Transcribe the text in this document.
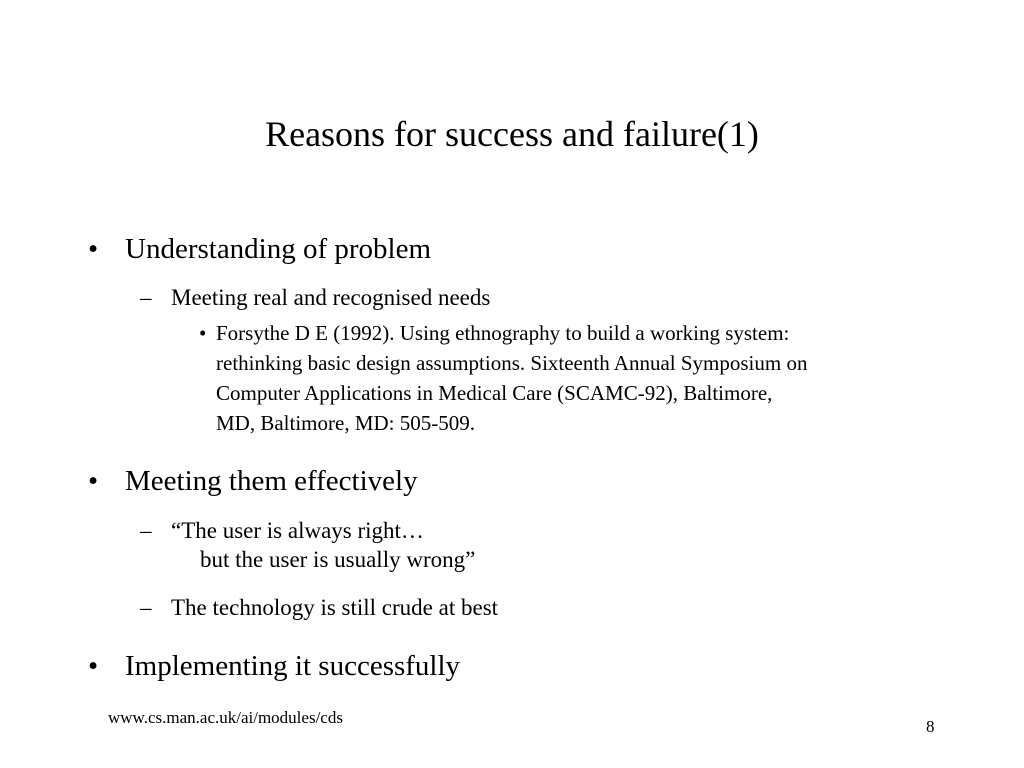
Reasons for success and failure(1)
• Understanding of problem
– Meeting real and recognised needs
• Forsythe D E (1992). Using ethnography to build a working system:
rethinking basic design assumptions. Sixteenth Annual Symposium on
Computer Applications in Medical Care (SCAMC-92), Baltimore,
MD, Baltimore, MD: 505-509.
• Meeting them effectively
– “The user is always right…
but the user is usually wrong”
– The technology is still crude at best
• Implementing it successfully
www.cs.man.ac.uk/ai/modules/cds	8
